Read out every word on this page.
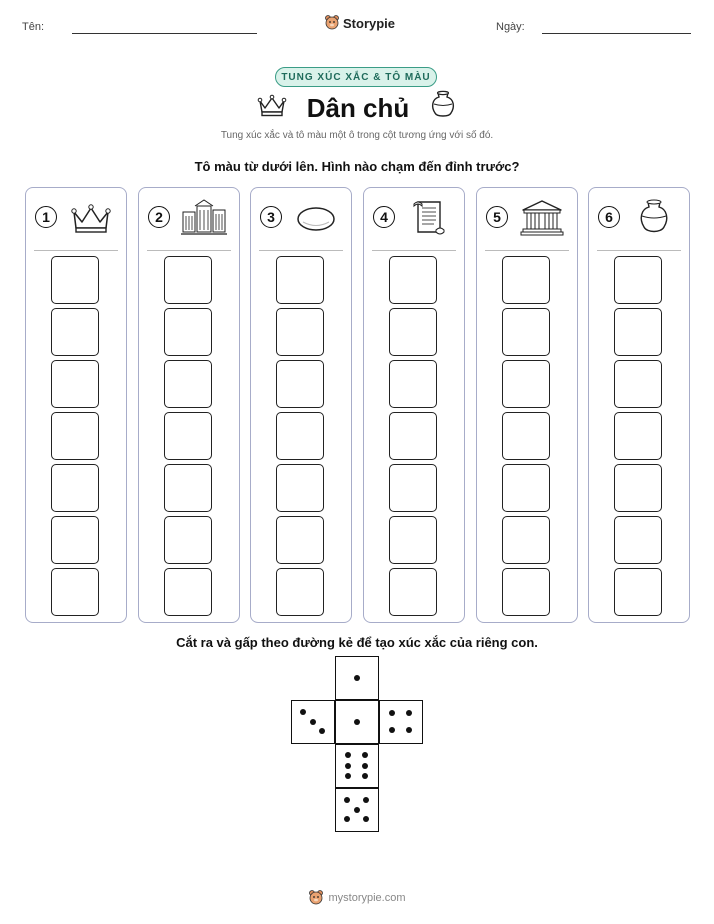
Tên:	Storypie	Ngày:
TUNG XÚC XẮC & TÔ MÀU
Dân chủ
Tung xúc xắc và tô màu một ô trong cột tương ứng với số đó.
Tô màu từ dưới lên. Hình nào chạm đến đỉnh trước?
1	2	3	4	5	6
Cắt ra và gấp theo đường kẻ để tạo xúc xắc của riêng con.
mystorypie.com
